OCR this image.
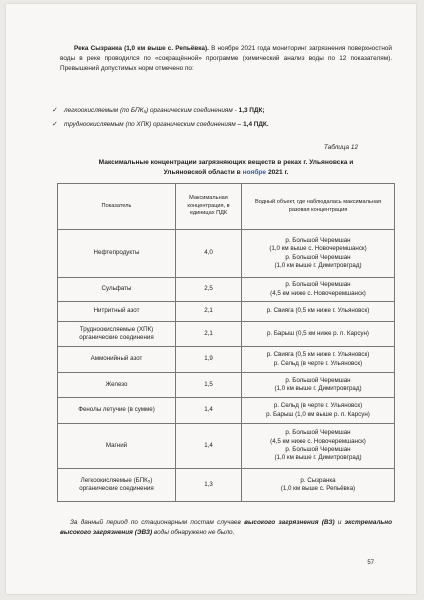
Река Сызранка (1,0 км выше с. Репьёвка). В ноябре 2021 года мониторинг загрязнения поверхностной воды в реке проводился по «сокращённой» программе (химический анализ воды по 12 показателям). Превышений допустимых норм отмечено по:
✓ легкоокисляемым (по БПК₅) органическим соединениям - 1,3 ПДК;
✓ трудноокисляемым (по ХПК) органическим соединениям – 1,4 ПДК.
Таблица 12
Максимальные концентрации загрязняющих веществ в реках г. Ульяновска и
Ульяновской области в ноябре 2021 г.
Показатель	Максимальная концентрация, в единицах ПДК	Водный объект, где наблюдалась максимальная разовая концентрация
Нефтепродукты	4,0	р. Большой Черемшан
(1,0 км выше с. Новочеремшанск)
р. Большой Черемшан
(1,0 км выше г. Димитровград)
Сульфаты	2,5	р. Большой Черемшан
(4,5 км ниже с. Новочеремшанск)
Нитритный азот	2,1	р. Свияга (0,5 км ниже г. Ульяновск)
Трудноокисляемые (ХПК)
органические соединения	2,1	р. Барыш (0,5 км ниже р. п. Карсун)
Аммонийный азот	1,9	р. Свияга (0,5 км ниже г. Ульяновск)
р. Сельд (в черте г. Ульяновск)
Железо	1,5	р. Большой Черемшан
(1,0 км выше г. Димитровград)
Фенолы летучие (в сумме)	1,4	р. Сельд (в черте г. Ульяновск)
р. Барыш (1,0 км выше р. п. Карсун)
Магний	1,4	р. Большой Черемшан
(4,5 км ниже с. Новочеремшанск)
р. Большой Черемшан
(1,0 км выше г. Димитровград)
Легкоокисляемые (БПК₅)
органические соединения	1,3	р. Сызранка
(1,0 км выше с. Репьёвка)
За данный период по стационарным постам случаев высокого загрязнения (ВЗ) и экстремально высокого загрязнения (ЭВЗ) воды обнаружено не было.
57
